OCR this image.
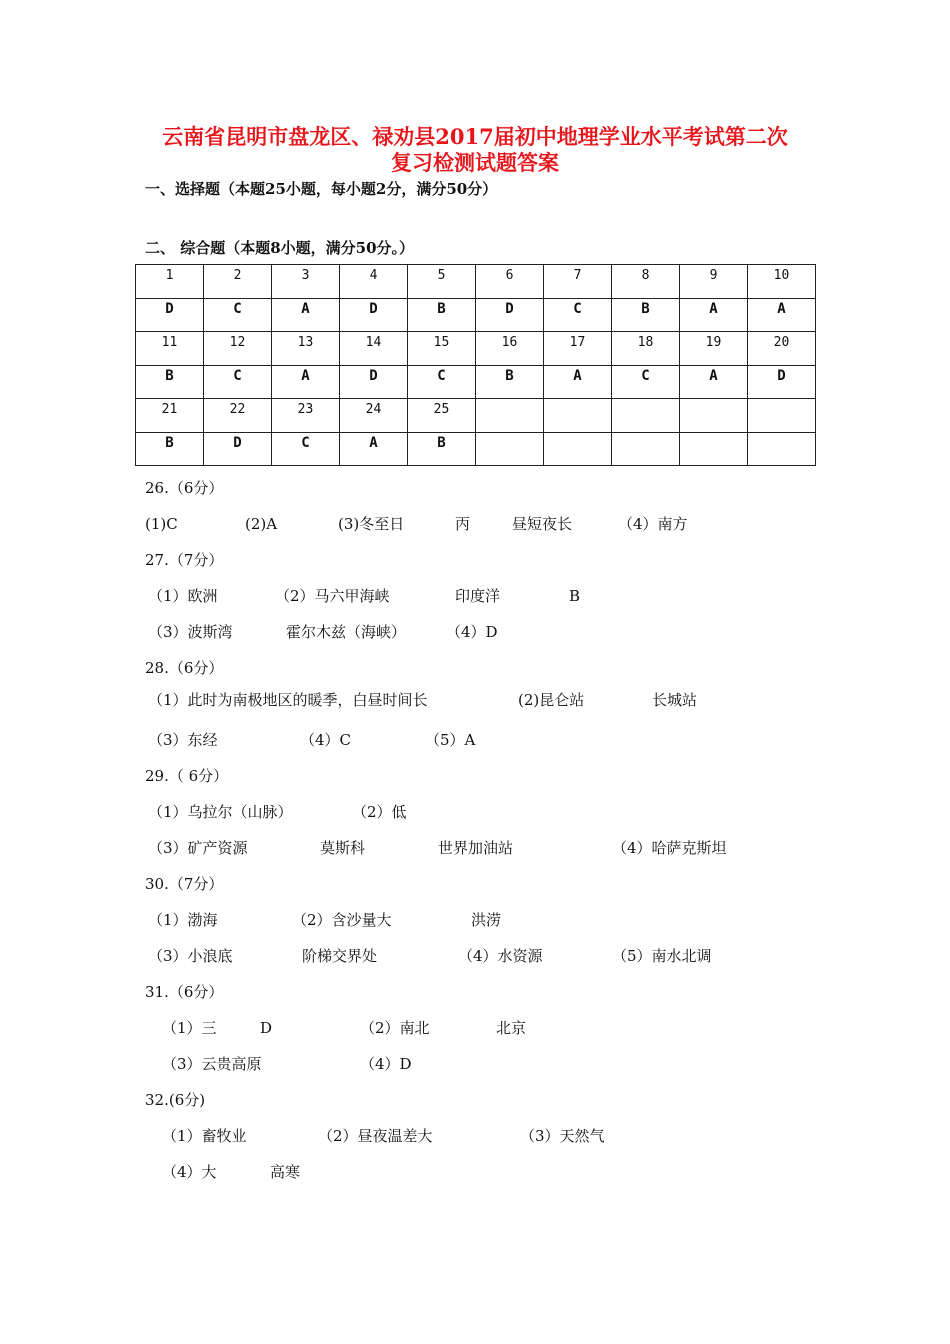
云南省昆明市盘龙区、禄劝县2017届初中地理学业水平考试第二次
复习检测试题答案
一、选择题（本题25小题，每小题2分，满分50分）
二、 综合题（本题8小题，满分50分。）
1	2	3	4	5	6	7	8	9	10
D	C	A	D	B	D	C	B	A	A
11	12	13	14	15	16	17	18	19	20
B	C	A	D	C	B	A	C	A	D
21	22	23	24	25					
B	D	C	A	B					
26.（6分）
(1)C	(2)A	(3)冬至日	丙	昼短夜长	（4）南方
27.（7分）
（1）欧洲	（2）马六甲海峡	印度洋	B
（3）波斯湾	霍尔木兹（海峡）	（4）D
28.（6分）
（1）此时为南极地区的暖季，白昼时间长	(2)昆仑站	长城站
（3）东经	（4）C	（5）A
29.（ 6分）
（1）乌拉尔（山脉）	（2）低
（3）矿产资源	莫斯科	世界加油站	（4）哈萨克斯坦
30.（7分）
（1）渤海	（2）含沙量大	洪涝
（3）小浪底	阶梯交界处	（4）水资源	（5）南水北调
31.（6分）
（1）三	D	（2）南北	北京
（3）云贵高原	（4）D
32.(6分)
（1）畜牧业	（2）昼夜温差大	（3）天然气
（4）大	高寒
